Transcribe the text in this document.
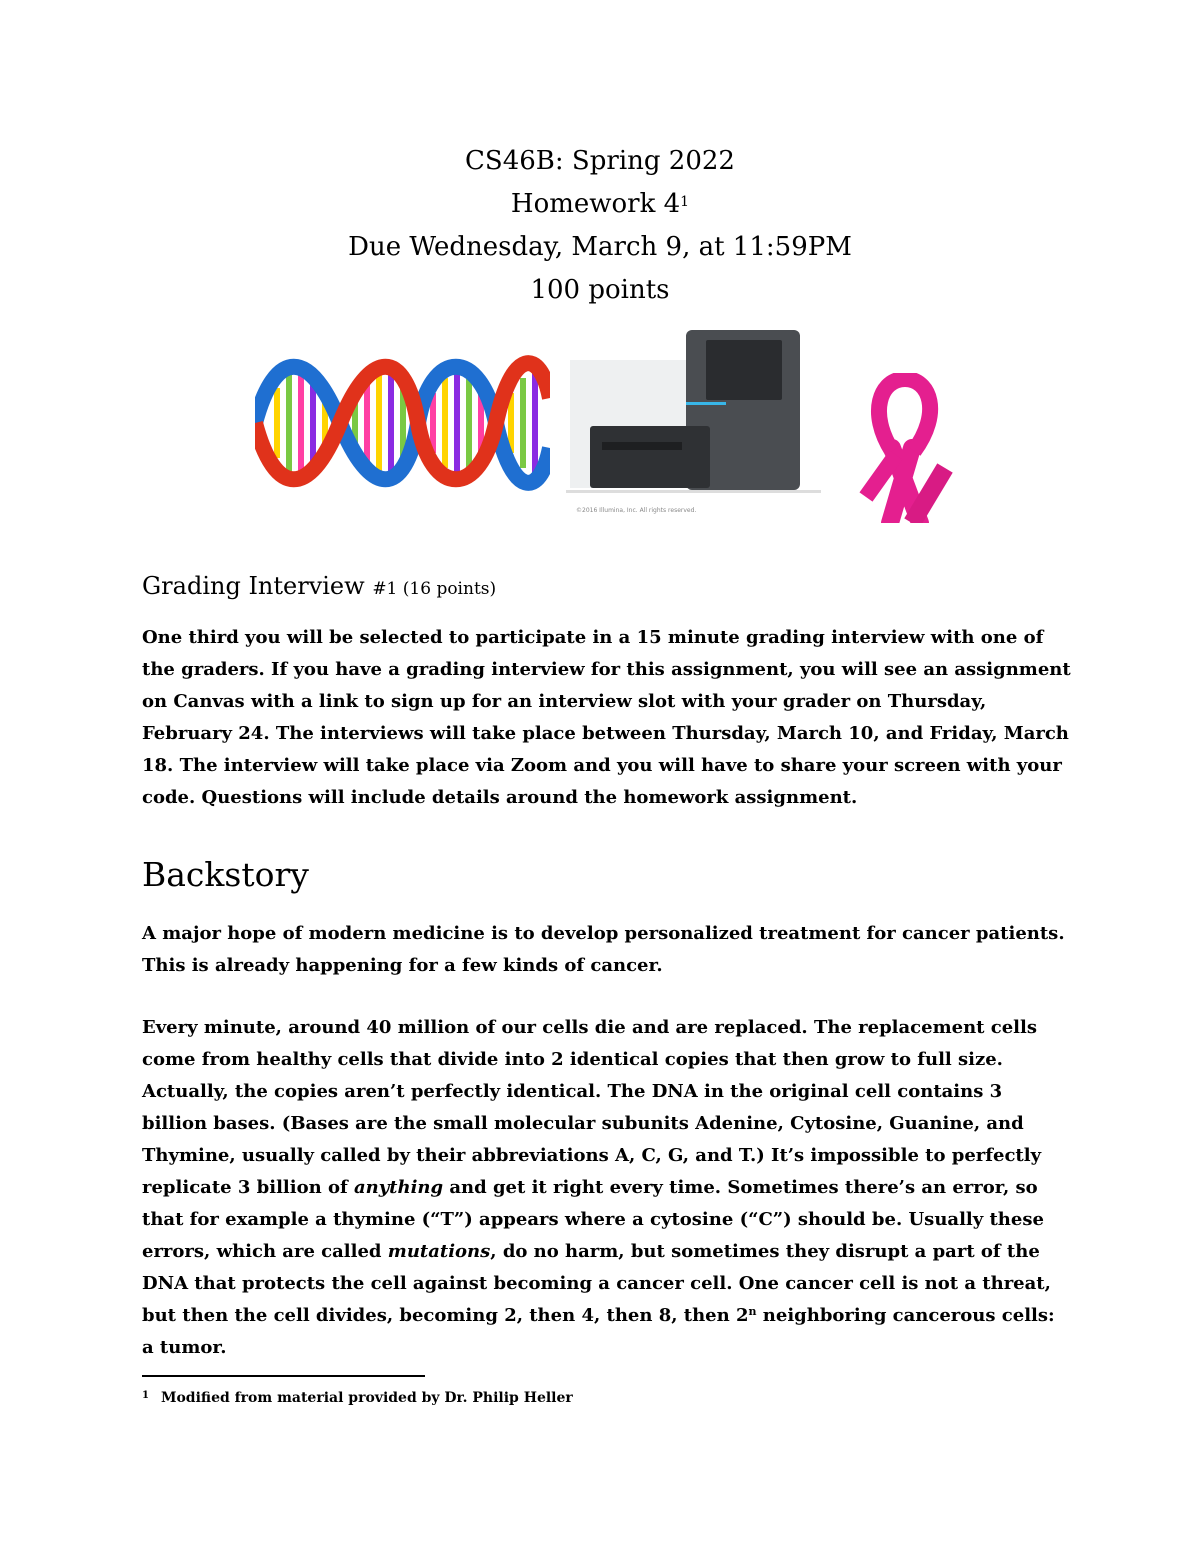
CS46B: Spring 2022
Homework $4^1$
Due Wednesday, March 9, at 11:59PM
100 points
©2016 Illumina, Inc. All rights reserved.
Grading Interview #1 (16 points)
One third you will be selected to participate in a 15 minute grading interview with one of the graders. If you have a grading interview for this assignment, you will see an assignment on Canvas with a link to sign up for an interview slot with your grader on Thursday, February 24. The interviews will take place between Thursday, March 10, and Friday, March 18. The interview will take place via Zoom and you will have to share your screen with your code. Questions will include details around the homework assignment.
Backstory
A major hope of modern medicine is to develop personalized treatment for cancer patients. This is already happening for a few kinds of cancer.
Every minute, around 40 million of our cells die and are replaced. The replacement cells come from healthy cells that divide into 2 identical copies that then grow to full size. Actually, the copies aren’t perfectly identical. The DNA in the original cell contains 3 billion bases. (Bases are the small molecular subunits Adenine, Cytosine, Guanine, and Thymine, usually called by their abbreviations A, C, G, and T.) It’s impossible to perfectly replicate 3 billion of anything and get it right every time. Sometimes there’s an error, so that for example a thymine (“T”) appears where a cytosine (“C”) should be. Usually these errors, which are called mutations, do no harm, but sometimes they disrupt a part of the DNA that protects the cell against becoming a cancer cell. One cancer cell is not a threat, but then the cell divides, becoming 2, then 4, then 8, then 2$^n$ neighboring cancerous cells: a tumor.
$^1$ Modified from material provided by Dr. Philip Heller
